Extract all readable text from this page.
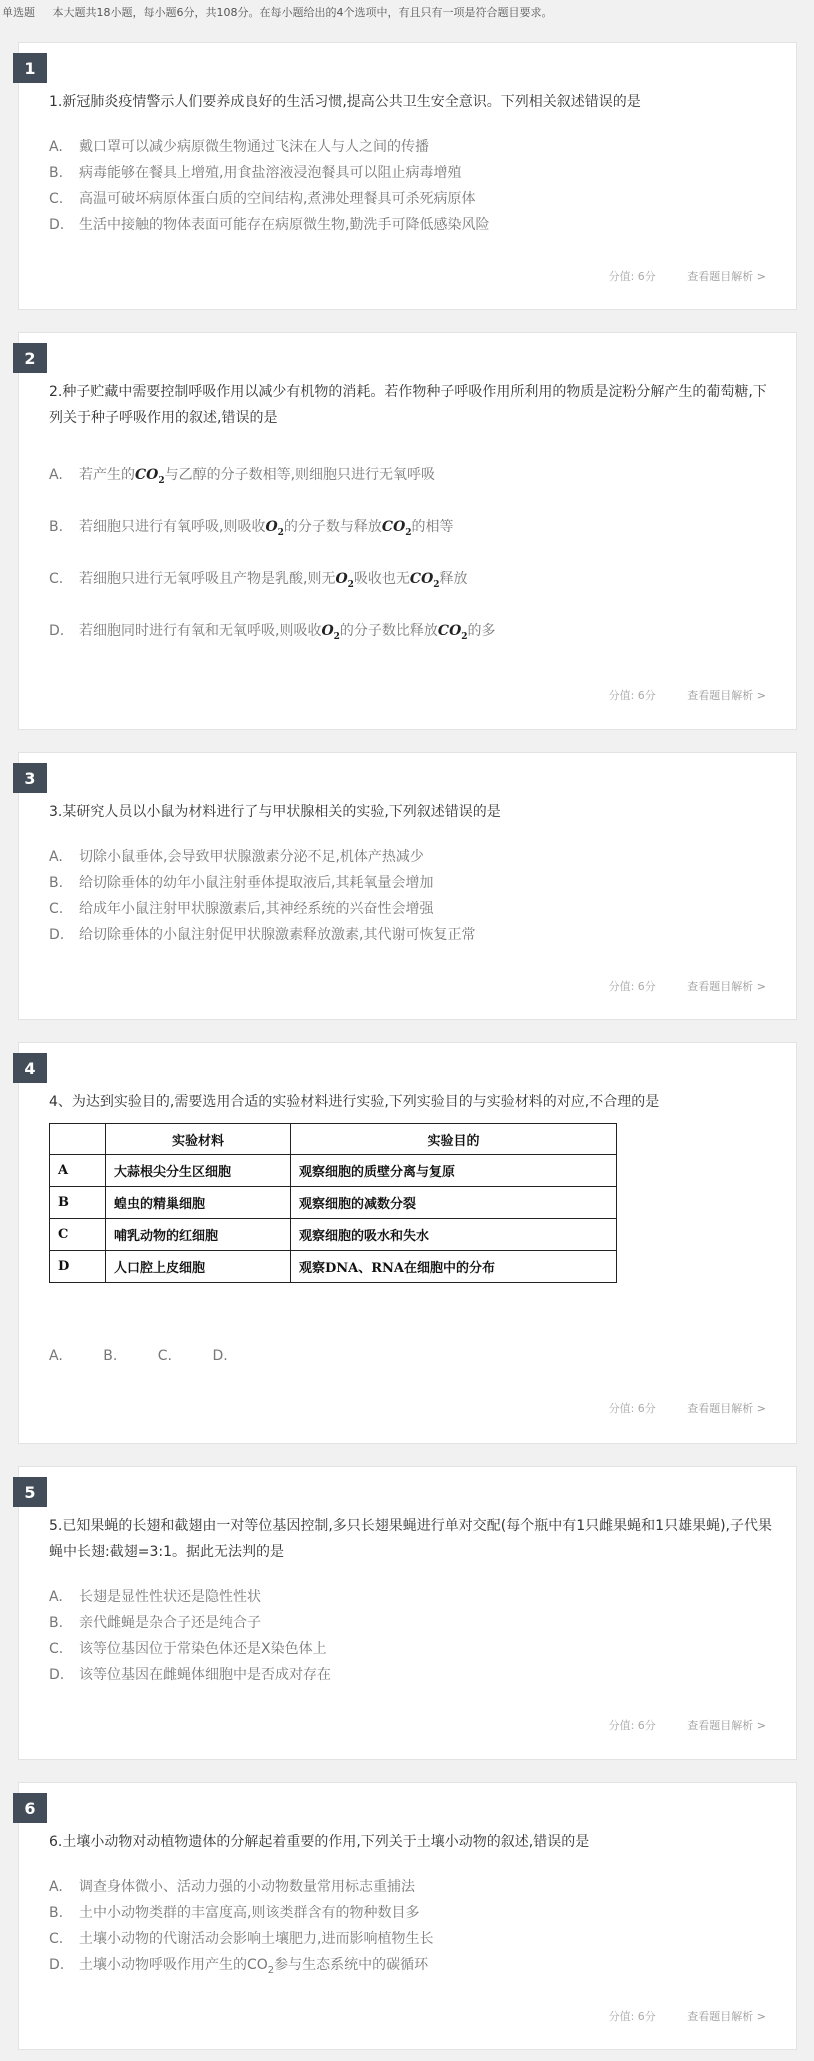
单选题 本大题共18小题，每小题6分，共108分。在每小题给出的4个选项中，有且只有一项是符合题目要求。
1
1.新冠肺炎疫情警示人们要养成良好的生活习惯,提高公共卫生安全意识。下列相关叙述错误的是
A. 戴口罩可以减少病原微生物通过飞沫在人与人之间的传播
B. 病毒能够在餐具上增殖,用食盐溶液浸泡餐具可以阻止病毒增殖
C. 高温可破坏病原体蛋白质的空间结构,煮沸处理餐具可杀死病原体
D. 生活中接触的物体表面可能存在病原微生物,勤洗手可降低感染风险
分值: 6分	查看题目解析 >
2
2.种子贮藏中需要控制呼吸作用以减少有机物的消耗。若作物种子呼吸作用所利用的物质是淀粉分解产生的葡萄糖,下列关于种子呼吸作用的叙述,错误的是
A. 若产生的$CO_2$与乙醇的分子数相等,则细胞只进行无氧呼吸
B. 若细胞只进行有氧呼吸,则吸收$O_2$的分子数与释放$CO_2$的相等
C. 若细胞只进行无氧呼吸且产物是乳酸,则无$O_2$吸收也无$CO_2$释放
D. 若细胞同时进行有氧和无氧呼吸,则吸收$O_2$的分子数比释放$CO_2$的多
分值: 6分	查看题目解析 >
3
3.某研究人员以小鼠为材料进行了与甲状腺相关的实验,下列叙述错误的是
A. 切除小鼠垂体,会导致甲状腺激素分泌不足,机体产热减少
B. 给切除垂体的幼年小鼠注射垂体提取液后,其耗氧量会增加
C. 给成年小鼠注射甲状腺激素后,其神经系统的兴奋性会增强
D. 给切除垂体的小鼠注射促甲状腺激素释放激素,其代谢可恢复正常
分值: 6分	查看题目解析 >
4
4、为达到实验目的,需要选用合适的实验材料进行实验,下列实验目的与实验材料的对应,不合理的是
	实验材料	实验目的
A	大蒜根尖分生区细胞	观察细胞的质壁分离与复原
B	蝗虫的精巢细胞	观察细胞的减数分裂
C	哺乳动物的红细胞	观察细胞的吸水和失水
D	人口腔上皮细胞	观察DNA、RNA在细胞中的分布
A.	B.	C.	D.
分值: 6分	查看题目解析 >
5
5.已知果蝇的长翅和截翅由一对等位基因控制,多只长翅果蝇进行单对交配(每个瓶中有1只雌果蝇和1只雄果蝇),子代果蝇中长翅:截翅=3:1。据此无法判的是
A. 长翅是显性性状还是隐性性状
B. 亲代雌蝇是杂合子还是纯合子
C. 该等位基因位于常染色体还是X染色体上
D. 该等位基因在雌蝇体细胞中是否成对存在
分值: 6分	查看题目解析 >
6
6.土壤小动物对动植物遗体的分解起着重要的作用,下列关于土壤小动物的叙述,错误的是
A. 调查身体微小、活动力强的小动物数量常用标志重捕法
B. 土中小动物类群的丰富度高,则该类群含有的物种数目多
C. 土壤小动物的代谢活动会影响土壤肥力,进而影响植物生长
D. 土壤小动物呼吸作用产生的$CO_2$参与生态系统中的碳循环
分值: 6分	查看题目解析 >
